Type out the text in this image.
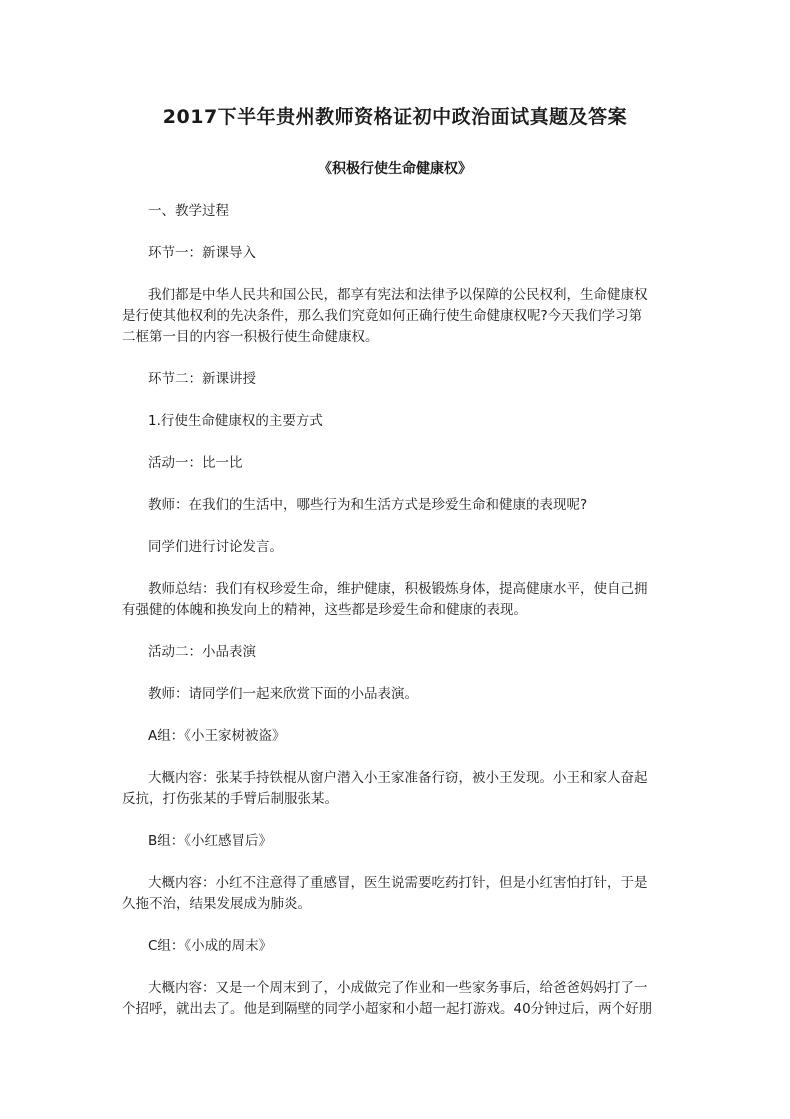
2017下半年贵州教师资格证初中政治面试真题及答案
《积极行使生命健康权》
一、教学过程
环节一：新课导入
我们都是中华人民共和国公民，都享有宪法和法律予以保障的公民权利，生命健康权
是行使其他权利的先决条件，那么我们究竟如何正确行使生命健康权呢?今天我们学习第
二框第一目的内容一积极行使生命健康权。
环节二：新课讲授
1.行使生命健康权的主要方式
活动一：比一比
教师：在我们的生活中，哪些行为和生活方式是珍爱生命和健康的表现呢?
同学们进行讨论发言。
教师总结：我们有权珍爱生命，维护健康，积极锻炼身体，提高健康水平，使自己拥
有强健的体魄和换发向上的精神，这些都是珍爱生命和健康的表现。
活动二：小品表演
教师：请同学们一起来欣赏下面的小品表演。
A组：《小王家树被盗》
大概内容：张某手持铁棍从窗户潜入小王家准备行窃，被小王发现。小王和家人奋起
反抗，打伤张某的手臂后制服张某。
B组：《小红感冒后》
大概内容：小红不注意得了重感冒，医生说需要吃药打针，但是小红害怕打针，于是
久拖不治，结果发展成为肺炎。
C组：《小成的周末》
大概内容：又是一个周末到了，小成做完了作业和一些家务事后，给爸爸妈妈打了一
个招呼，就出去了。他是到隔壁的同学小超家和小超一起打游戏。40分钟过后，两个好朋
